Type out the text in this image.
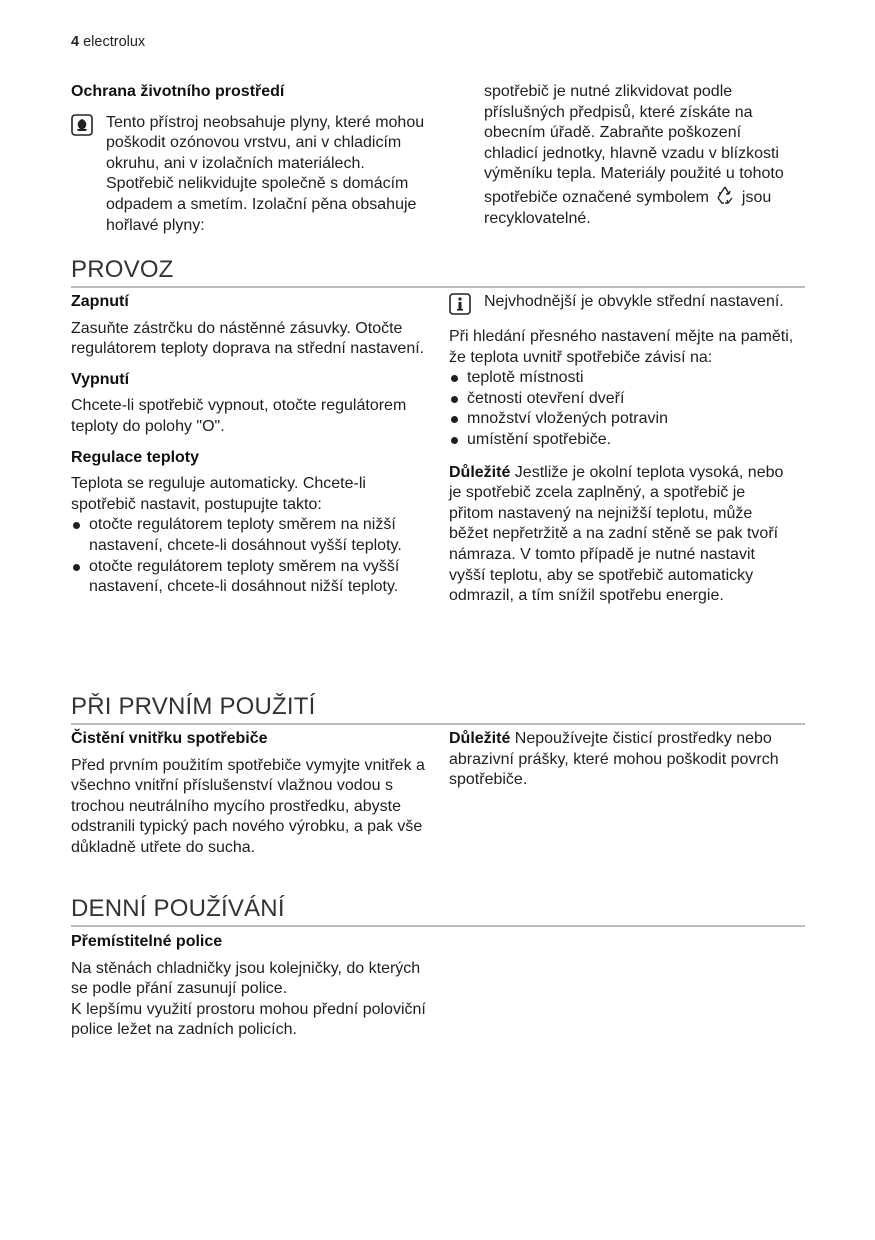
4 electrolux
Ochrana životního prostředí

Tento přístroj neobsahuje plyny, které mohou poškodit ozónovou vrstvu, ani v chladicím okruhu, ani v izolačních materiálech. Spotřebič nelikvidujte společně s domácím odpadem a smetím. Izolační pěna obsahuje hořlavé plyny:

spotřebič je nutné zlikvidovat podle příslušných předpisů, které získáte na obecním úřadě. Zabraňte poškození chladicí jednotky, hlavně vzadu v blízkosti výměníku tepla. Materiály použité u tohoto spotřebiče označené symbolem jsou recyklovatelné.

PROVOZ
Zapnutí

Zasuňte zástrčku do nástěnné zásuvky. Otočte regulátorem teploty doprava na střední nastavení.

Vypnutí

Chcete-li spotřebič vypnout, otočte regulátorem teploty do polohy "O".

Regulace teploty

Teplota se reguluje automaticky. Chcete-li spotřebič nastavit, postupujte takto:

otočte regulátorem teploty směrem na nižší nastavení, chcete-li dosáhnout vyšší teploty.
otočte regulátorem teploty směrem na vyšší nastavení, chcete-li dosáhnout nižší teploty.

Nejvhodnější je obvykle střední nastavení.

Při hledání přesného nastavení mějte na paměti, že teplota uvnitř spotřebiče závisí na:

teplotě místnosti
četnosti otevření dveří
množství vložených potravin
umístění spotřebiče.

Důležité Jestliže je okolní teplota vysoká, nebo je spotřebič zcela zaplněný, a spotřebič je přitom nastavený na nejnižší teplotu, může běžet nepřetržitě a na zadní stěně se pak tvoří námraza. V tomto případě je nutné nastavit vyšší teplotu, aby se spotřebič automaticky odmrazil, a tím snížil spotřebu energie.

PŘI PRVNÍM POUŽITÍ
Čistění vnitřku spotřebiče

Před prvním použitím spotřebiče vymyjte vnitřek a všechno vnitřní příslušenství vlažnou vodou s trochou neutrálního mycího prostředku, abyste odstranili typický pach nového výrobku, a pak vše důkladně utřete do sucha.

Důležité Nepoužívejte čisticí prostředky nebo abrazivní prášky, které mohou poškodit povrch spotřebiče.

DENNÍ POUŽÍVÁNÍ
Přemístitelné police

Na stěnách chladničky jsou kolejničky, do kterých se podle přání zasunují police.

K lepšímu využití prostoru mohou přední poloviční police ležet na zadních policích.
